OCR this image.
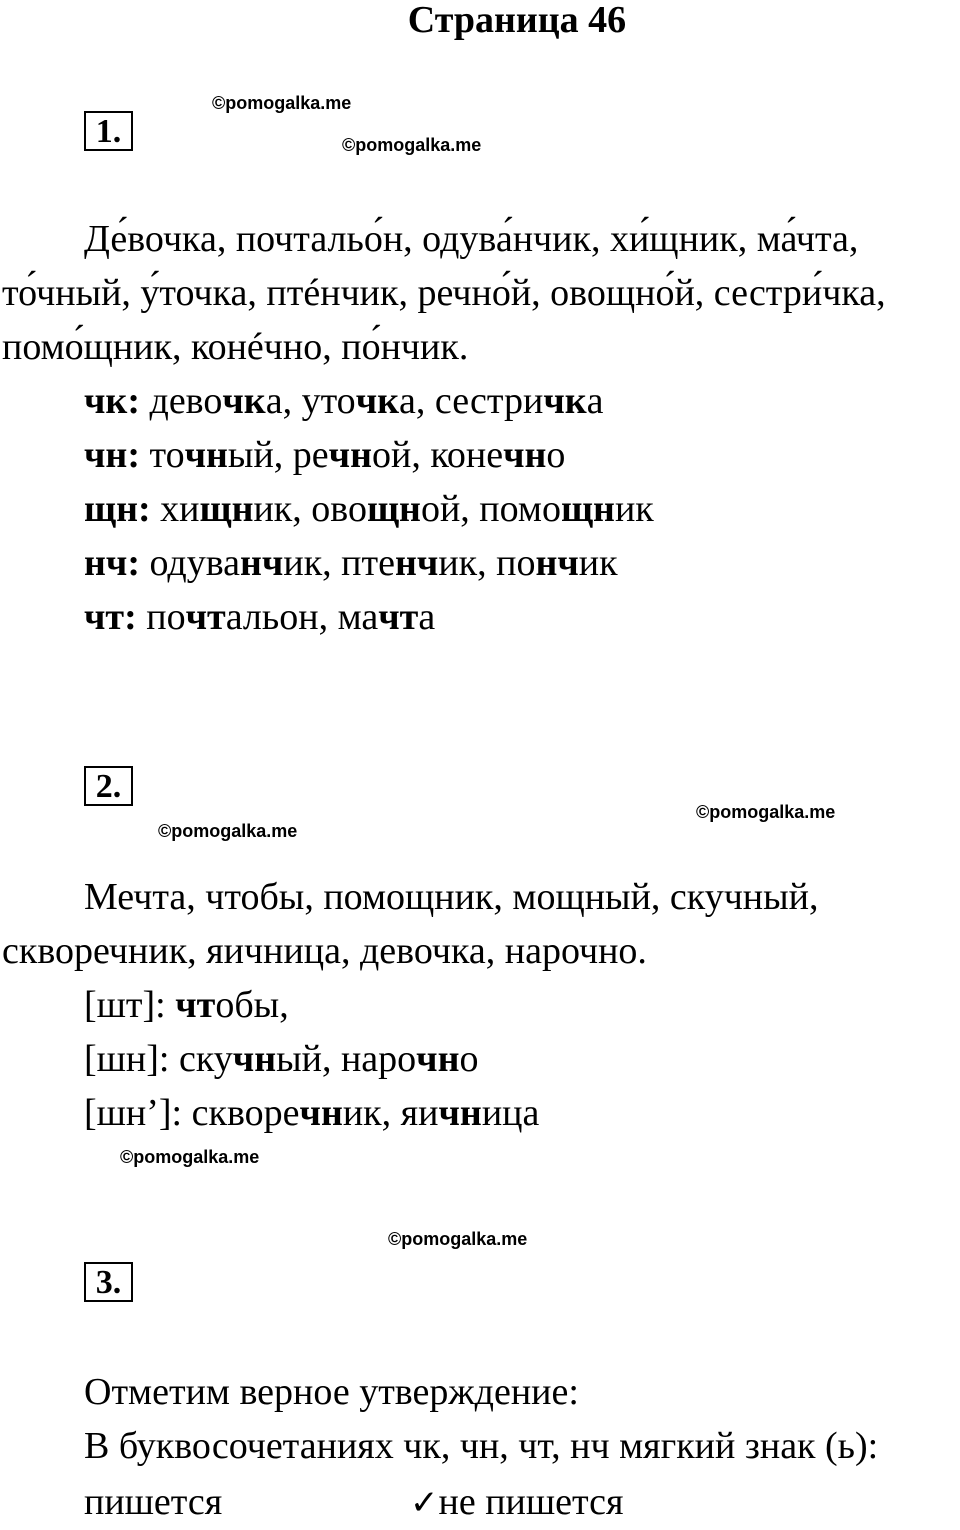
Страница 46
1.
©pomogalka.me
©pomogalka.me
Де́вочка, почтальо́н, одува́нчик, хи́щник, ма́чта,
то́чный, у́точка, птéнчик, речно́й, овощно́й, сестри́чка,
помо́щник, конéчно, по́нчик.
чк: девочка, уточка, сестричка
чн: точный, речной, конечно
щн: хищник, овощной, помощник
нч: одуванчик, птенчик, пончик
чт: почтальон, мачта
2.
©pomogalka.me
©pomogalka.me
Мечта, чтобы, помощник, мощный, скучный,
скворечник, яичница, девочка, нарочно.
[шт]: чтобы,
[шн]: скучный, нарочно
[шн’]: скворечник, яичница
©pomogalka.me
©pomogalka.me
3.
Отметим верное утверждение:
В буквосочетаниях чк, чн, чт, нч мягкий знак (ь):
пишется	✓не пишется
